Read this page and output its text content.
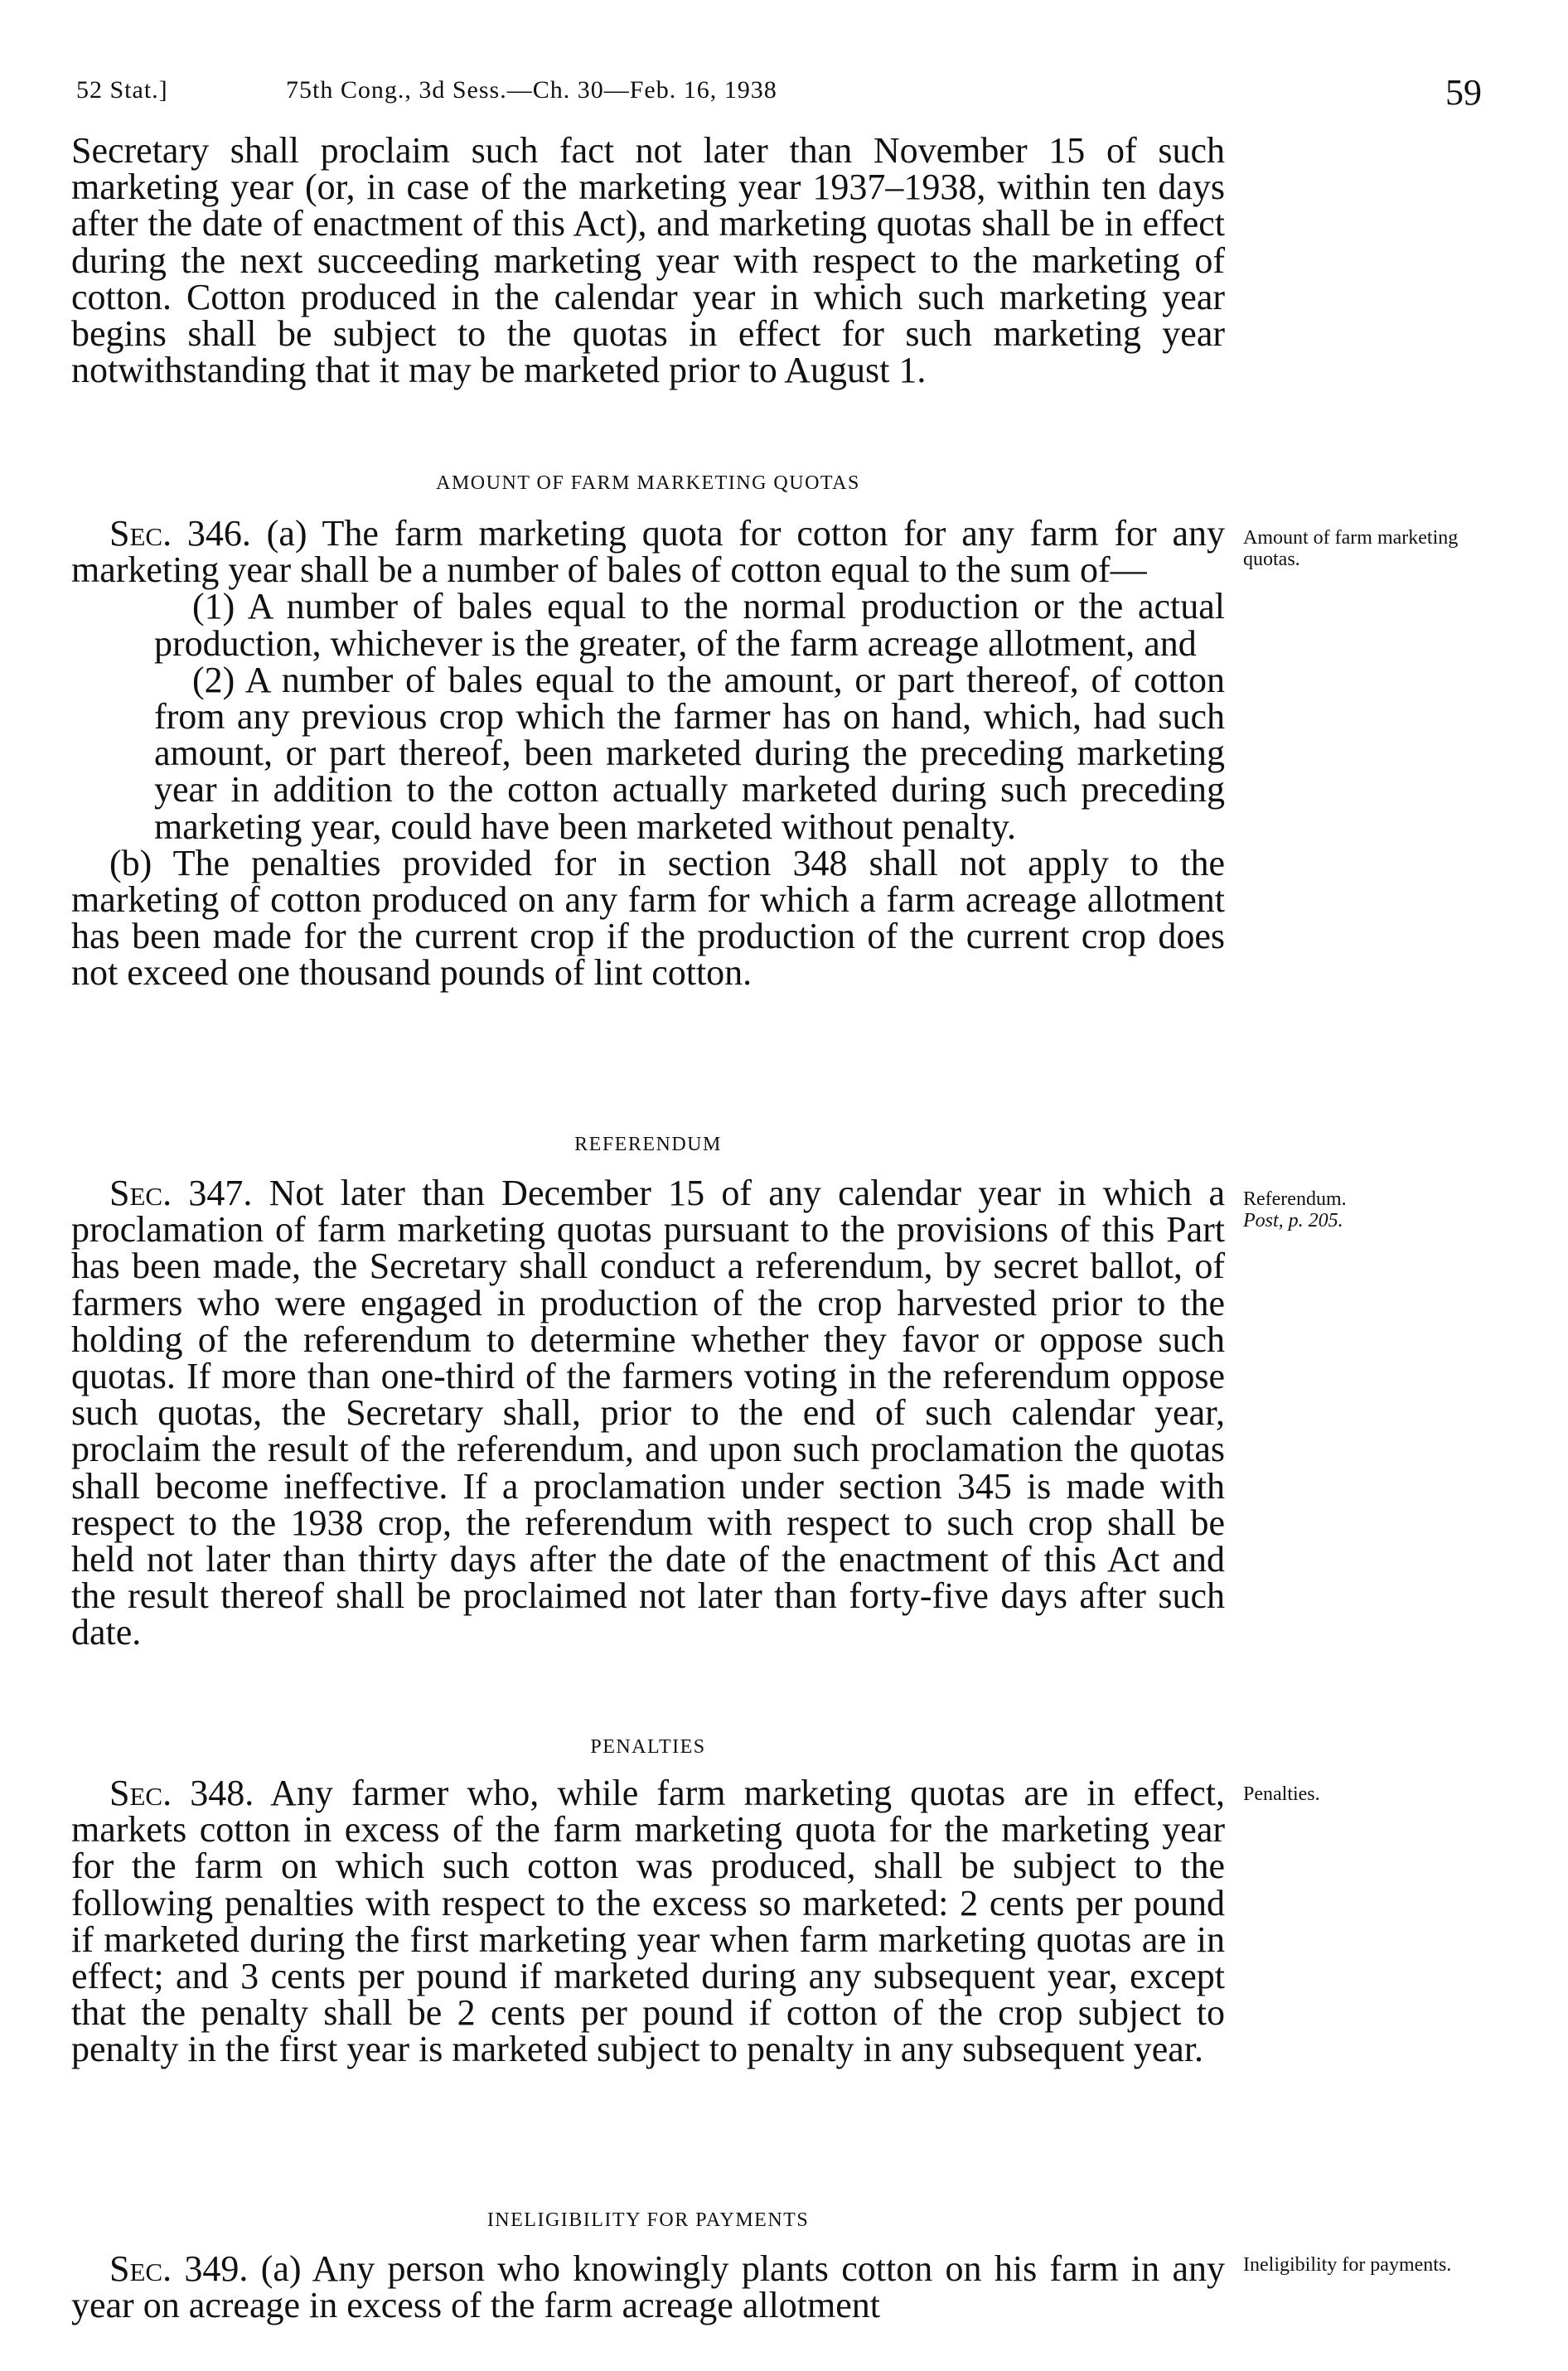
52 Stat.]	75th Cong., 3d Sess.—Ch. 30—Feb. 16, 1938	59

Secretary shall proclaim such fact not later than November 15 of such marketing year (or, in case of the marketing year 1937–1938, within ten days after the date of enactment of this Act), and marketing quotas shall be in effect during the next succeeding marketing year with respect to the marketing of cotton. Cotton produced in the calendar year in which such marketing year begins shall be subject to the quotas in effect for such marketing year notwithstanding that it may be marketed prior to August 1.

AMOUNT OF FARM MARKETING QUOTAS

Sec. 346. (a) The farm marketing quota for cotton for any farm for any marketing year shall be a number of bales of cotton equal to the sum of—

(1) A number of bales equal to the normal production or the actual production, whichever is the greater, of the farm acreage allotment, and

(2) A number of bales equal to the amount, or part thereof, of cotton from any previous crop which the farmer has on hand, which, had such amount, or part thereof, been marketed during the preceding marketing year in addition to the cotton actually marketed during such preceding marketing year, could have been marketed without penalty.

(b) The penalties provided for in section 348 shall not apply to the marketing of cotton produced on any farm for which a farm acreage allotment has been made for the current crop if the production of the current crop does not exceed one thousand pounds of lint cotton.

REFERENDUM

Sec. 347. Not later than December 15 of any calendar year in which a proclamation of farm marketing quotas pursuant to the provisions of this Part has been made, the Secretary shall conduct a referendum, by secret ballot, of farmers who were engaged in production of the crop harvested prior to the holding of the referendum to determine whether they favor or oppose such quotas. If more than one-third of the farmers voting in the referendum oppose such quotas, the Secretary shall, prior to the end of such calendar year, proclaim the result of the referendum, and upon such proclamation the quotas shall become ineffective. If a proclamation under section 345 is made with respect to the 1938 crop, the referendum with respect to such crop shall be held not later than thirty days after the date of the enactment of this Act and the result thereof shall be proclaimed not later than forty-five days after such date.

PENALTIES

Sec. 348. Any farmer who, while farm marketing quotas are in effect, markets cotton in excess of the farm marketing quota for the marketing year for the farm on which such cotton was produced, shall be subject to the following penalties with respect to the excess so marketed: 2 cents per pound if marketed during the first marketing year when farm marketing quotas are in effect; and 3 cents per pound if marketed during any subsequent year, except that the penalty shall be 2 cents per pound if cotton of the crop subject to penalty in the first year is marketed subject to penalty in any subsequent year.

INELIGIBILITY FOR PAYMENTS

Sec. 349. (a) Any person who knowingly plants cotton on his farm in any year on acreage in excess of the farm acreage allotment

Amount of farm marketing quotas.
Referendum.
Post, p. 205.
Penalties.
Ineligibility for payments.
